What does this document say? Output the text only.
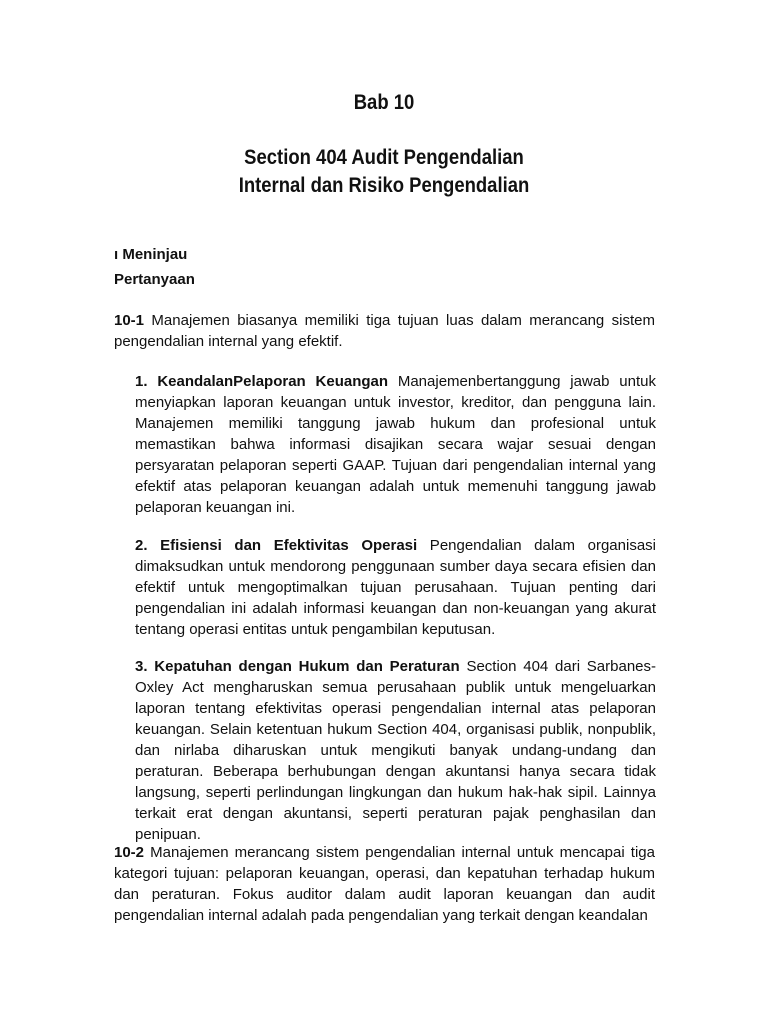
Bab 10
Section 404 Audit Pengendalian
Internal dan Risiko Pengendalian
ı Meninjau
Pertanyaan
10-1 Manajemen biasanya memiliki tiga tujuan luas dalam merancang sistem pengendalian internal yang efektif.
1. KeandalanPelaporan Keuangan Manajemenbertanggung jawab untuk menyiapkan laporan keuangan untuk investor, kreditor, dan pengguna lain. Manajemen memiliki tanggung jawab hukum dan profesional untuk memastikan bahwa informasi disajikan secara wajar sesuai dengan persyaratan pelaporan seperti GAAP. Tujuan dari pengendalian internal yang efektif atas pelaporan keuangan adalah untuk memenuhi tanggung jawab pelaporan keuangan ini.
2. Efisiensi dan Efektivitas Operasi Pengendalian dalam organisasi dimaksudkan untuk mendorong penggunaan sumber daya secara efisien dan efektif untuk mengoptimalkan tujuan perusahaan. Tujuan penting dari pengendalian ini adalah informasi keuangan dan non-keuangan yang akurat tentang operasi entitas untuk pengambilan keputusan.
3. Kepatuhan dengan Hukum dan Peraturan Section 404 dari Sarbanes-Oxley Act mengharuskan semua perusahaan publik untuk mengeluarkan laporan tentang efektivitas operasi pengendalian internal atas pelaporan keuangan. Selain ketentuan hukum Section 404, organisasi publik, nonpublik, dan nirlaba diharuskan untuk mengikuti banyak undang-undang dan peraturan. Beberapa berhubungan dengan akuntansi hanya secara tidak langsung, seperti perlindungan lingkungan dan hukum hak-hak sipil. Lainnya terkait erat dengan akuntansi, seperti peraturan pajak penghasilan dan penipuan.
10-2 Manajemen merancang sistem pengendalian internal untuk mencapai tiga kategori tujuan: pelaporan keuangan, operasi, dan kepatuhan terhadap hukum dan peraturan. Fokus auditor dalam audit laporan keuangan dan audit pengendalian internal adalah pada pengendalian yang terkait dengan keandalan
